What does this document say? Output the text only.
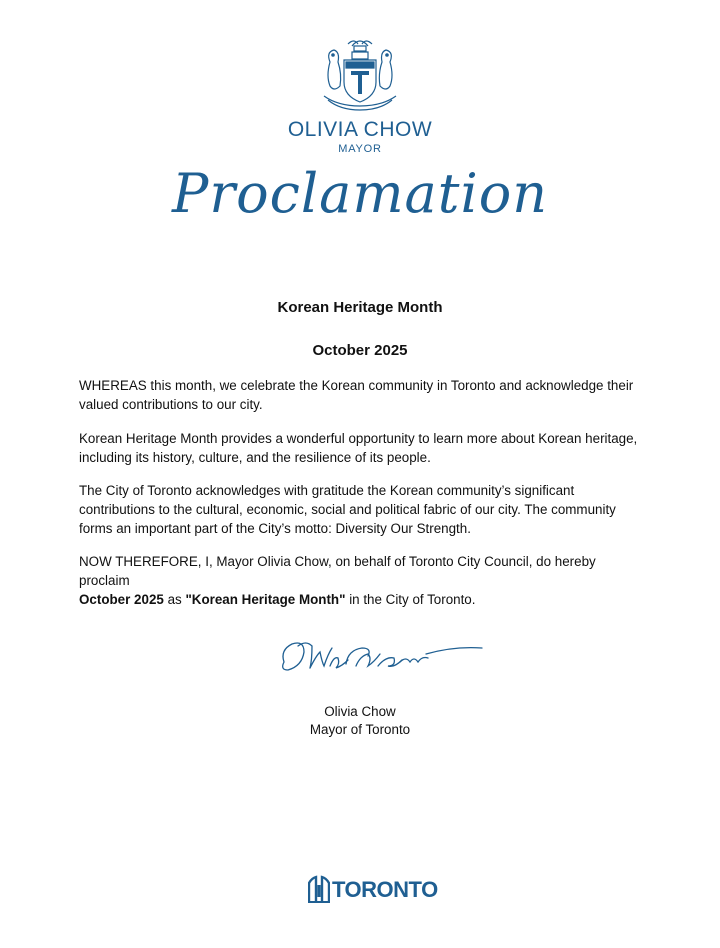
OLIVIA CHOW
MAYOR
Proclamation
Korean Heritage Month
October 2025
WHEREAS this month, we celebrate the Korean community in Toronto and acknowledge their valued contributions to our city.
Korean Heritage Month provides a wonderful opportunity to learn more about Korean heritage, including its history, culture, and the resilience of its people.
The City of Toronto acknowledges with gratitude the Korean community’s significant contributions to the cultural, economic, social and political fabric of our city. The community forms an important part of the City’s motto: Diversity Our Strength.
NOW THEREFORE, I, Mayor Olivia Chow, on behalf of Toronto City Council, do hereby proclaim
October 2025 as "Korean Heritage Month" in the City of Toronto.
Olivia Chow
Mayor of Toronto
TORONTO
